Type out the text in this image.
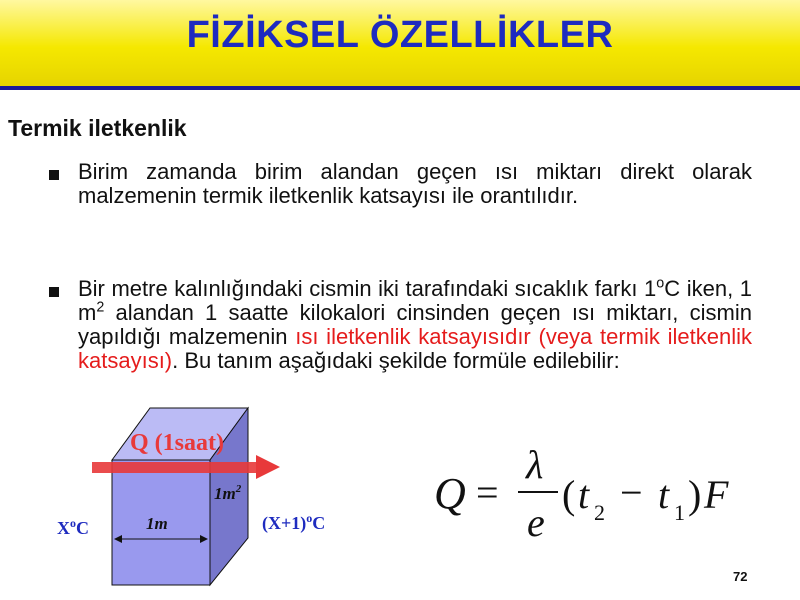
FİZİKSEL ÖZELLİKLER
Termik iletkenlik
Birim zamanda birim alandan geçen ısı miktarı direkt olarak malzemenin termik iletkenlik katsayısı ile orantılıdır.
Bir metre kalınlığındaki cismin iki tarafındaki sıcaklık farkı 1$^o$C iken, 1 $m^2$ alandan 1 saatte kilokalori cinsinden geçen ısı miktarı, cismin yapıldığı malzemenin ısı iletkenlik katsayısıdır (veya termik iletkenlik katsayısı). Bu tanım aşağıdaki şekilde formüle edilebilir:
Q (1saat)
1m
$1m^2$
$X^oC$	$(X+1)^oC$
Q =
λ
e
( t 2 − t 1 ) F
72
